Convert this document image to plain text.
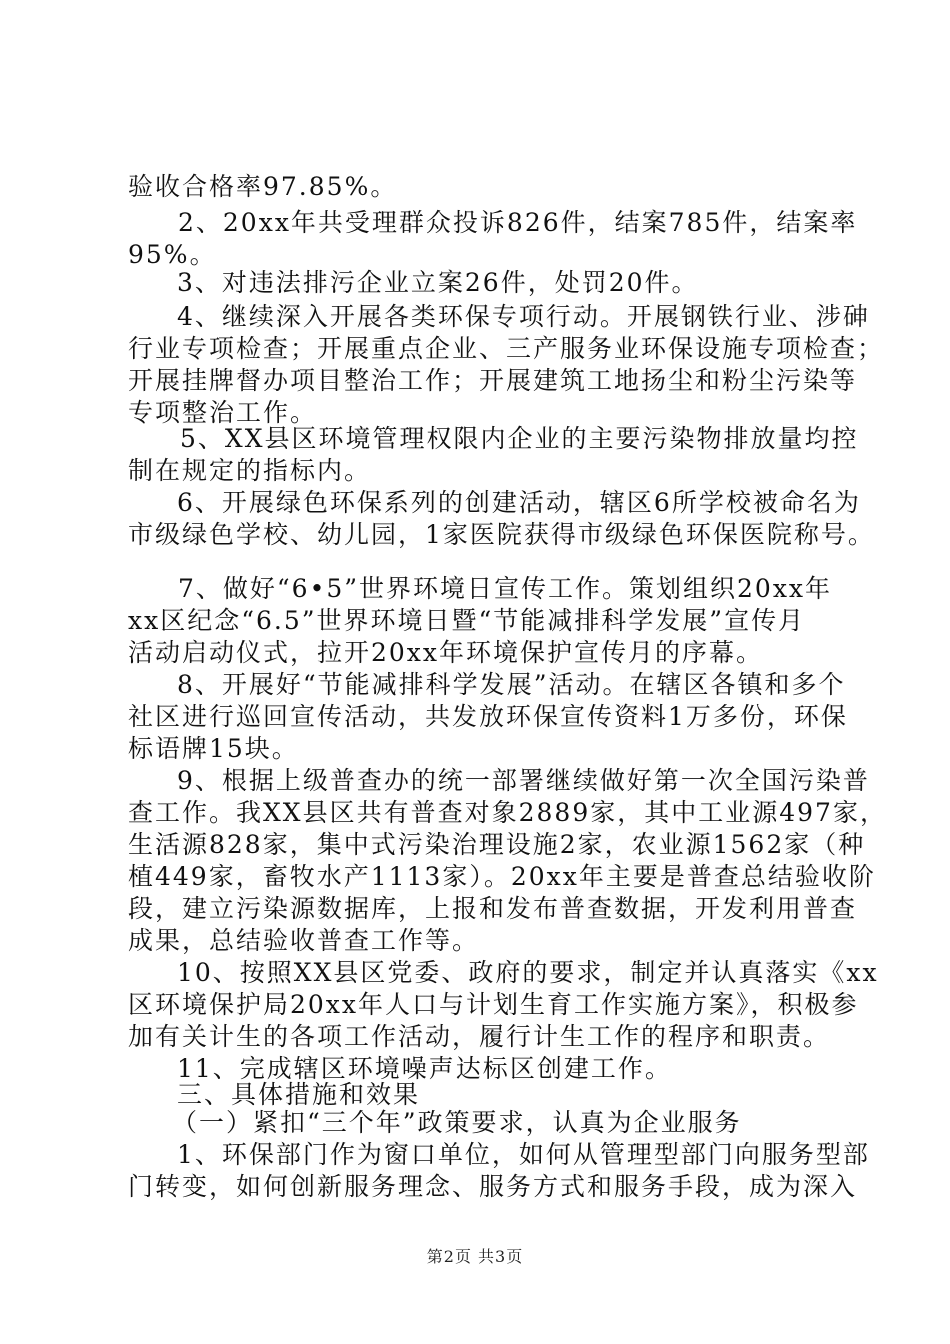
验收合格率97.85%。
2、20xx年共受理群众投诉826件，结案785件，结案率
95%。
3、对违法排污企业立案26件，处罚20件。
4、继续深入开展各类环保专项行动。开展钢铁行业、涉砷
行业专项检查；开展重点企业、三产服务业环保设施专项检查；
开展挂牌督办项目整治工作；开展建筑工地扬尘和粉尘污染等
专项整治工作。
5、XX县区环境管理权限内企业的主要污染物排放量均控
制在规定的指标内。
6、开展绿色环保系列的创建活动，辖区6所学校被命名为
市级绿色学校、幼儿园，1家医院获得市级绿色环保医院称号。
7、做好“6•5”世界环境日宣传工作。策划组织20xx年
xx区纪念“6.5”世界环境日暨“节能减排科学发展”宣传月
活动启动仪式，拉开20xx年环境保护宣传月的序幕。
8、开展好“节能减排科学发展”活动。在辖区各镇和多个
社区进行巡回宣传活动，共发放环保宣传资料1万多份，环保
标语牌15块。
9、根据上级普查办的统一部署继续做好第一次全国污染普
查工作。我XX县区共有普查对象2889家，其中工业源497家，
生活源828家，集中式污染治理设施2家，农业源1562家（种
植449家，畜牧水产1113家）。20xx年主要是普查总结验收阶
段，建立污染源数据库，上报和发布普查数据，开发利用普查
成果，总结验收普查工作等。
10、按照XX县区党委、政府的要求，制定并认真落实《xx
区环境保护局20xx年人口与计划生育工作实施方案》，积极参
加有关计生的各项工作活动，履行计生工作的程序和职责。
11、完成辖区环境噪声达标区创建工作。
三、具体措施和效果
（一）紧扣“三个年”政策要求，认真为企业服务
1、环保部门作为窗口单位，如何从管理型部门向服务型部
门转变，如何创新服务理念、服务方式和服务手段，成为深入
第2页 共3页
